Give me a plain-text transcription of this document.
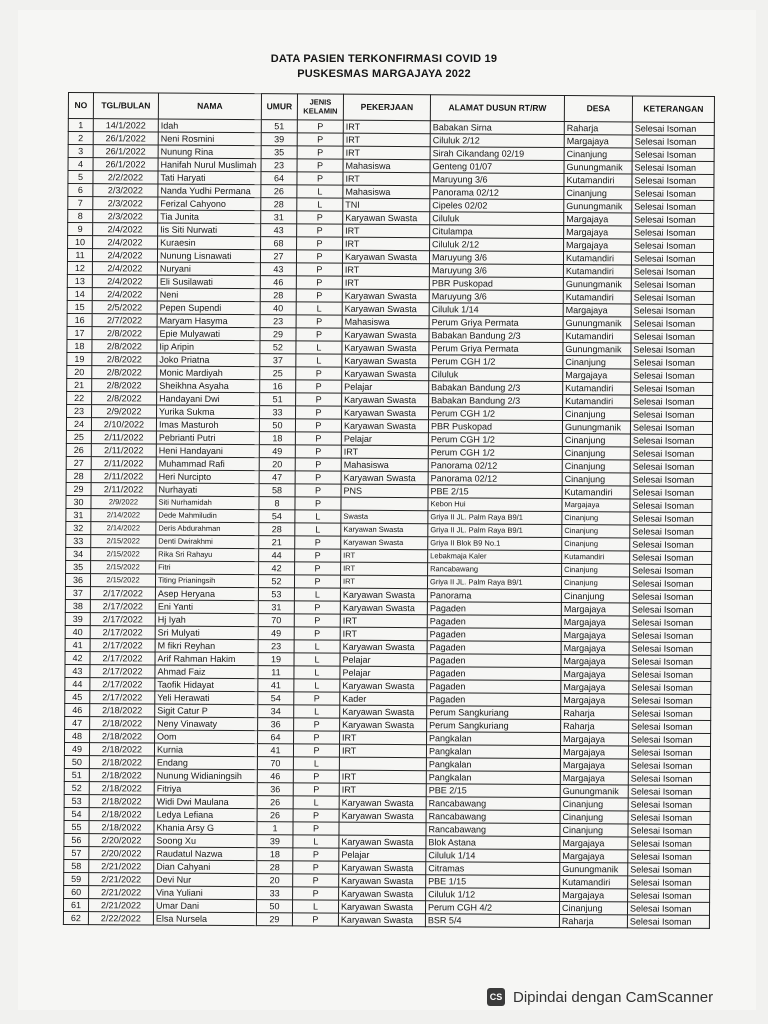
DATA PASIEN TERKONFIRMASI COVID 19
PUSKESMAS MARGAJAYA 2022
NO	TGL/BULAN	NAMA	UMUR	JENIS KELAMIN	PEKERJAAN	ALAMAT DUSUN RT/RW	DESA	KETERANGAN
1	14/1/2022	Idah	51	P	IRT	Babakan Sirna	Raharja	Selesai Isoman
2	26/1/2022	Neni Rosmini	39	P	IRT	Ciluluk 2/12	Margajaya	Selesai Isoman
3	26/1/2022	Nunung Rina	35	P	IRT	Sirah Cikandang 02/19	Cinanjung	Selesai Isoman
4	26/1/2022	Hanifah Nurul Muslimah	23	P	Mahasiswa	Genteng 01/07	Gunungmanik	Selesai Isoman
5	2/2/2022	Tati Haryati	64	P	IRT	Maruyung 3/6	Kutamandiri	Selesai Isoman
6	2/3/2022	Nanda Yudhi Permana	26	L	Mahasiswa	Panorama 02/12	Cinanjung	Selesai Isoman
7	2/3/2022	Ferizal Cahyono	28	L	TNI	Cipeles 02/02	Gunungmanik	Selesai Isoman
8	2/3/2022	Tia Junita	31	P	Karyawan Swasta	Ciluluk	Margajaya	Selesai Isoman
9	2/4/2022	Iis Siti Nurwati	43	P	IRT	Citulampa	Margajaya	Selesai Isoman
10	2/4/2022	Kuraesin	68	P	IRT	Ciluluk 2/12	Margajaya	Selesai Isoman
11	2/4/2022	Nunung Lisnawati	27	P	Karyawan Swasta	Maruyung 3/6	Kutamandiri	Selesai Isoman
12	2/4/2022	Nuryani	43	P	IRT	Maruyung 3/6	Kutamandiri	Selesai Isoman
13	2/4/2022	Eli Susilawati	46	P	IRT	PBR Puskopad	Gunungmanik	Selesai Isoman
14	2/4/2022	Neni	28	P	Karyawan Swasta	Maruyung 3/6	Kutamandiri	Selesai Isoman
15	2/5/2022	Pepen Supendi	40	L	Karyawan Swasta	Ciluluk 1/14	Margajaya	Selesai Isoman
16	2/7/2022	Maryam Hasyma	23	P	Mahasiswa	Perum Griya Permata	Gunungmanik	Selesai Isoman
17	2/8/2022	Epie Mulyawati	29	P	Karyawan Swasta	Babakan Bandung 2/3	Kutamandiri	Selesai Isoman
18	2/8/2022	Iip Aripin	52	L	Karyawan Swasta	Perum Griya Permata	Gunungmanik	Selesai Isoman
19	2/8/2022	Joko Priatna	37	L	Karyawan Swasta	Perum CGH 1/2	Cinanjung	Selesai Isoman
20	2/8/2022	Monic Mardiyah	25	P	Karyawan Swasta	Ciluluk	Margajaya	Selesai Isoman
21	2/8/2022	Sheikhna Asyaha	16	P	Pelajar	Babakan Bandung 2/3	Kutamandiri	Selesai Isoman
22	2/8/2022	Handayani Dwi	51	P	Karyawan Swasta	Babakan Bandung 2/3	Kutamandiri	Selesai Isoman
23	2/9/2022	Yurika Sukma	33	P	Karyawan Swasta	Perum CGH 1/2	Cinanjung	Selesai Isoman
24	2/10/2022	Imas Masturoh	50	P	Karyawan Swasta	PBR Puskopad	Gunungmanik	Selesai Isoman
25	2/11/2022	Pebrianti Putri	18	P	Pelajar	Perum CGH 1/2	Cinanjung	Selesai Isoman
26	2/11/2022	Heni Handayani	49	P	IRT	Perum CGH 1/2	Cinanjung	Selesai Isoman
27	2/11/2022	Muhammad Rafi	20	P	Mahasiswa	Panorama 02/12	Cinanjung	Selesai Isoman
28	2/11/2022	Heri Nurcipto	47	P	Karyawan Swasta	Panorama 02/12	Cinanjung	Selesai Isoman
29	2/11/2022	Nurhayati	58	P	PNS	PBE 2/15	Kutamandiri	Selesai Isoman
30	2/9/2022	Siti Nurhamidah	8	P		Kebon Hui	Margajaya	Selesai Isoman
31	2/14/2022	Dede Mahmiludin	54	L	Swasta	Griya II JL. Palm Raya B9/1	Cinanjung	Selesai Isoman
32	2/14/2022	Deris Abdurahman	28	L	Karyawan Swasta	Griya II JL. Palm Raya B9/1	Cinanjung	Selesai Isoman
33	2/15/2022	Denti Dwirakhmi	21	P	Karyawan Swasta	Griya II Blok B9 No.1	Cinanjung	Selesai Isoman
34	2/15/2022	Rika Sri Rahayu	44	P	IRT	Lebakmaja Kaler	Kutamandiri	Selesai Isoman
35	2/15/2022	Fitri	42	P	IRT	Rancabawang	Cinanjung	Selesai Isoman
36	2/15/2022	Titing Prianingsih	52	P	IRT	Griya II JL. Palm Raya B9/1	Cinanjung	Selesai Isoman
37	2/17/2022	Asep Heryana	53	L	Karyawan Swasta	Panorama	Cinanjung	Selesai Isoman
38	2/17/2022	Eni Yanti	31	P	Karyawan Swasta	Pagaden	Margajaya	Selesai Isoman
39	2/17/2022	Hj Iyah	70	P	IRT	Pagaden	Margajaya	Selesai Isoman
40	2/17/2022	Sri Mulyati	49	P	IRT	Pagaden	Margajaya	Selesai Isoman
41	2/17/2022	M fikri Reyhan	23	L	Karyawan Swasta	Pagaden	Margajaya	Selesai Isoman
42	2/17/2022	Arif Rahman Hakim	19	L	Pelajar	Pagaden	Margajaya	Selesai Isoman
43	2/17/2022	Ahmad Faiz	11	L	Pelajar	Pagaden	Margajaya	Selesai Isoman
44	2/17/2022	Taofik Hidayat	41	L	Karyawan Swasta	Pagaden	Margajaya	Selesai Isoman
45	2/17/2022	Yeli Herawati	54	P	Kader	Pagaden	Margajaya	Selesai Isoman
46	2/18/2022	Sigit Catur P	34	L	Karyawan Swasta	Perum Sangkuriang	Raharja	Selesai Isoman
47	2/18/2022	Neny Vinawaty	36	P	Karyawan Swasta	Perum Sangkuriang	Raharja	Selesai Isoman
48	2/18/2022	Oom	64	P	IRT	Pangkalan	Margajaya	Selesai Isoman
49	2/18/2022	Kurnia	41	P	IRT	Pangkalan	Margajaya	Selesai Isoman
50	2/18/2022	Endang	70	L		Pangkalan	Margajaya	Selesai Isoman
51	2/18/2022	Nunung Widianingsih	46	P	IRT	Pangkalan	Margajaya	Selesai Isoman
52	2/18/2022	Fitriya	36	P	IRT	PBE 2/15	Gunungmanik	Selesai Isoman
53	2/18/2022	Widi Dwi Maulana	26	L	Karyawan Swasta	Rancabawang	Cinanjung	Selesai Isoman
54	2/18/2022	Ledya Lefiana	26	P	Karyawan Swasta	Rancabawang	Cinanjung	Selesai Isoman
55	2/18/2022	Khania Arsy G	1	P		Rancabawang	Cinanjung	Selesai Isoman
56	2/20/2022	Soong Xu	39	L	Karyawan Swasta	Blok Astana	Margajaya	Selesai Isoman
57	2/20/2022	Raudatul Nazwa	18	P	Pelajar	Ciluluk 1/14	Margajaya	Selesai Isoman
58	2/21/2022	Dian Cahyani	28	P	Karyawan Swasta	Citramas	Gunungmanik	Selesai Isoman
59	2/21/2022	Devi Nur	20	P	Karyawan Swasta	PBE 1/15	Kutamandiri	Selesai Isoman
60	2/21/2022	Vina Yuliani	33	P	Karyawan Swasta	Ciluluk 1/12	Margajaya	Selesai Isoman
61	2/21/2022	Umar Dani	50	L	Karyawan Swasta	Perum CGH 4/2	Cinanjung	Selesai Isoman
62	2/22/2022	Elsa Nursela	29	P	Karyawan Swasta	BSR 5/4	Raharja	Selesai Isoman
CS Dipindai dengan CamScanner
